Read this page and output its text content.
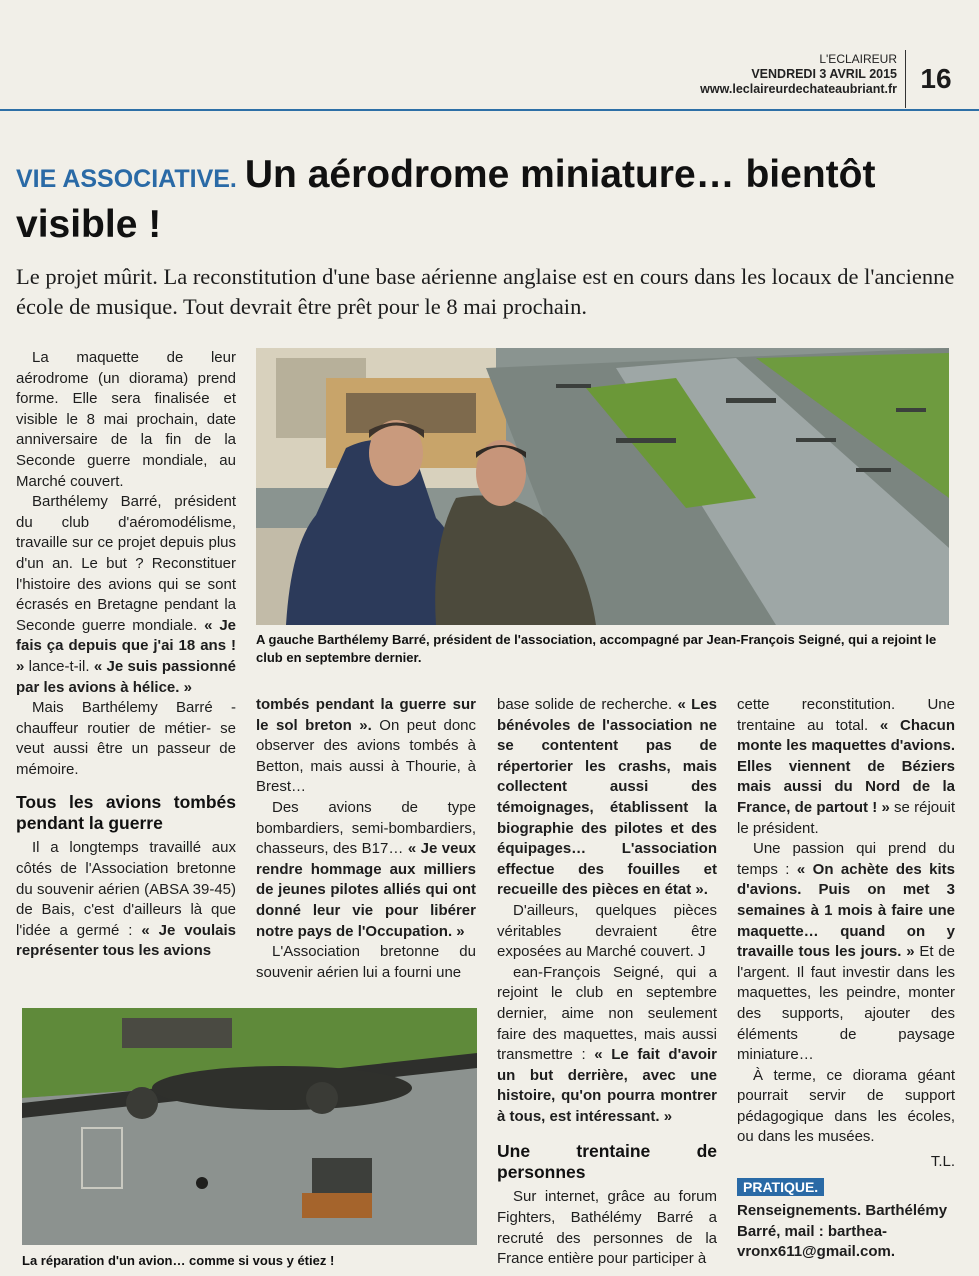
L'ECLAIREUR
VENDREDI 3 AVRIL 2015
www.leclaireurdechateaubriant.fr 16
VIE ASSOCIATIVE. Un aérodrome miniature… bientôt visible !
Le projet mûrit. La reconstitution d'une base aérienne anglaise est en cours dans les locaux de l'ancienne école de musique. Tout devrait être prêt pour le 8 mai prochain.
A gauche Barthélemy Barré, président de l'association, accompagné par Jean-François Seigné, qui a rejoint le club en septembre dernier.

La maquette de leur aérodrome (un diorama) prend forme. Elle sera finalisée et visible le 8 mai prochain, date anniversaire de la fin de la Seconde guerre mondiale, au Marché couvert.

Barthélemy Barré, président du club d'aéromodélisme, travaille sur ce projet depuis plus d'un an. Le but ? Reconstituer l'histoire des avions qui se sont écrasés en Bretagne pendant la Seconde guerre mondiale. « Je fais ça depuis que j'ai 18 ans ! » lance-t-il. « Je suis passionné par les avions à hélice. »

Mais Barthélemy Barré -chauffeur routier de métier- se veut aussi être un passeur de mémoire.

Tous les avions tombés pendant la guerre

Il a longtemps travaillé aux côtés de l'Association bretonne du souvenir aérien (ABSA 39-45) de Bais, c'est d'ailleurs là que l'idée a germé : « Je voulais représenter tous les avions

tombés pendant la guerre sur le sol breton ». On peut donc observer des avions tombés à Betton, mais aussi à Thourie, à Brest…

Des avions de type bombardiers, semi-bombardiers, chasseurs, des B17… « Je veux rendre hommage aux milliers de jeunes pilotes alliés qui ont donné leur vie pour libérer notre pays de l'Occupation. »

L'Association bretonne du souvenir aérien lui a fourni une

La réparation d'un avion… comme si vous y étiez !

base solide de recherche. « Les bénévoles de l'association ne se contentent pas de répertorier les crashs, mais collectent aussi des témoignages, établissent la biographie des pilotes et des équipages… L'association effectue des fouilles et recueille des pièces en état ».

D'ailleurs, quelques pièces véritables devraient être exposées au Marché couvert. J

ean-François Seigné, qui a rejoint le club en septembre dernier, aime non seulement faire des maquettes, mais aussi transmettre : « Le fait d'avoir un but derrière, avec une histoire, qu'on pourra montrer à tous, est intéressant. »

Une trentaine de personnes

Sur internet, grâce au forum Fighters, Bathélémy Barré a recruté des personnes de la France entière pour participer à

cette reconstitution. Une trentaine au total. « Chacun monte les maquettes d'avions. Elles viennent de Béziers mais aussi du Nord de la France, de partout ! » se réjouit le président.

Une passion qui prend du temps : « On achète des kits d'avions. Puis on met 3 semaines à 1 mois à faire une maquette… quand on y travaille tous les jours. » Et de l'argent. Il faut investir dans les maquettes, les peindre, monter des supports, ajouter des éléments de paysage miniature…

À terme, ce diorama géant pourrait servir de support pédagogique dans les écoles, ou dans les musées.

T.L.
PRATIQUE.
Renseignements. Barthélémy Barré, mail : barthea-vronx611@gmail.com.
